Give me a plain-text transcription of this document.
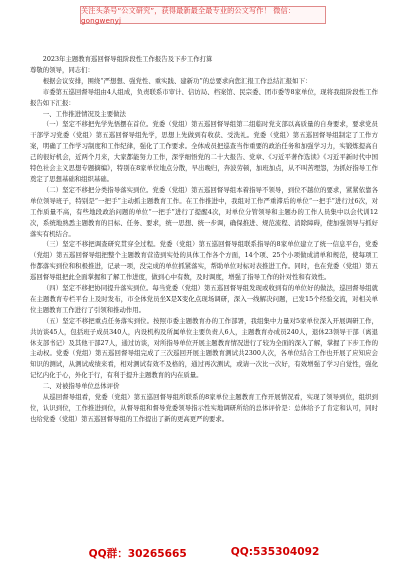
关注头条号“公文研究”，获得最新最全最专业的公文写作！ 微信：gongwenyj

2023年主题教育巡回督导组阶段性工作报告及下步工作打算

尊敬的领导，同志们：

根据会议安排，围绕“严想想、强党性、重实践、建新功”的总要求向您汇报工作总结汇报如下：

市委第五巡回督导组由4人组成，负责联系市审计、信访局、档案馆、民宗委、团市委等8家单位，现将我组阶段性工作报告如下汇报：

一、工作推进情况及主要做法

（一）坚定不移把先学先悟摆在首位。党委（党组）第五巡回督导组第二组临时党支部以高质量的自身要求，要求党员干部学习党委（党组）第五巡回督导组先学，思想上先做到有收获、受洗礼。党委（党组）第五巡回督导组制定了工作方案，明确了工作学习制度和工作纪律，强化了工作要求。全体成员把巡查当作重要的政治任务和加强学习力，实锻炼提高自己的很好机会，近两个月来，大家都能努力工作，深学细悟党的二十大报告、党章、《习近平著作选读》《习近平新时代中国特色社会主义思想专题摘编》，特别在8家单位地点分散，早出晚归，奔波劳顿，加班加点，从不叫苦埋怨，为抓好指导工作奠定了思想基础和组织基础。

（二）坚定不移把分类指导落实到位。党委（党组）第五巡回督导组本着指导不领导，到位不越位的要求，紧紧依靠各单位领导班子，特别是“一把手”主动抓主题教育工作。在工作推进中，我组对工作严重滞后的单位“一把手”进行过6次，对工作质量不高，有些地段政治问题的单位“一把手”进行了提醒4次，对单位分管领导和主题办的工作人员集中以会代训12次，系统地熟悉主题教育的目标、任务、要求，统一思想、统一步调，确保推进、规范流程、消除障碍，使加强领导与抓好落实有机结合。

（三）坚定不移把调查研究贯穿全过程。党委（党组）第五巡回督导组联系指导的8家单位建立了统一信息平台，党委（党组）第五巡回督导组把整个主题教育营造到实处的具体工作各个方面，14个项、25个小项做成清单和规范，使每项工作都落实到位和积极推进，记录一项，没完成的单位抓紧落实，帮助单位对标对表推进工作。同时，也在党委（党组）第五巡回督导组把此全面掌握和了解工作进度，做到心中有数，及时调度，增强了指导工作的针对性和有效性。

（四）坚定不移把协同提升落实到位。每当党委（党组）第五巡回督导组发现或收到有的单位好的做法，巡回督导组就在主题教育专栏平台上及时发布，市全体党员坐X是X变化点现场调研，深入一线解决问题，已发15个经验交流，对相关单位主题教育工作进行了引领和推动作用。

（五）坚定不移把重点任务落实到位。按照市委主题教育办的工作部署，我组集中力量对5家单位深入开展调研工作，共访谈45人，包括班子成员340人，内设机构及所属单位主要负责人6人，主题教育办成员240人，退休23领导干部（离退休支部书记）及其他干部27人，通过访谈，对所指导单位开展主题教育情况进行了较为全面的深入了解，掌握了下步工作的主动权。党委（党组）第五巡回督导组完成了三次巡回开展主题教育测试共2300人次，各单位结合工作也开展了应知应会知识的测试，从测试成绩来看，相对测试有效不及格的，通过再次测试，或请一次比一次好，有效增强了学习自觉性，强化记忆内化于心，外化于行，有利于提升主题教育的内在质量。

二、对被指导单位总体评价

从巡回督导组看，党委（党组）第五巡回督导组所联系的8家单位主题教育工作开展情况看，实现了领导到位，组织到位，认识到位，工作推进到位，从督导组和督导党委领导指示性实地调研所给的总体评价是：总体给予了肯定和认可，同时也给党委（党组）第五巡回督导组的工作提出了新的更高更严的要求。

QQ群：30265665	QQ:535304092
